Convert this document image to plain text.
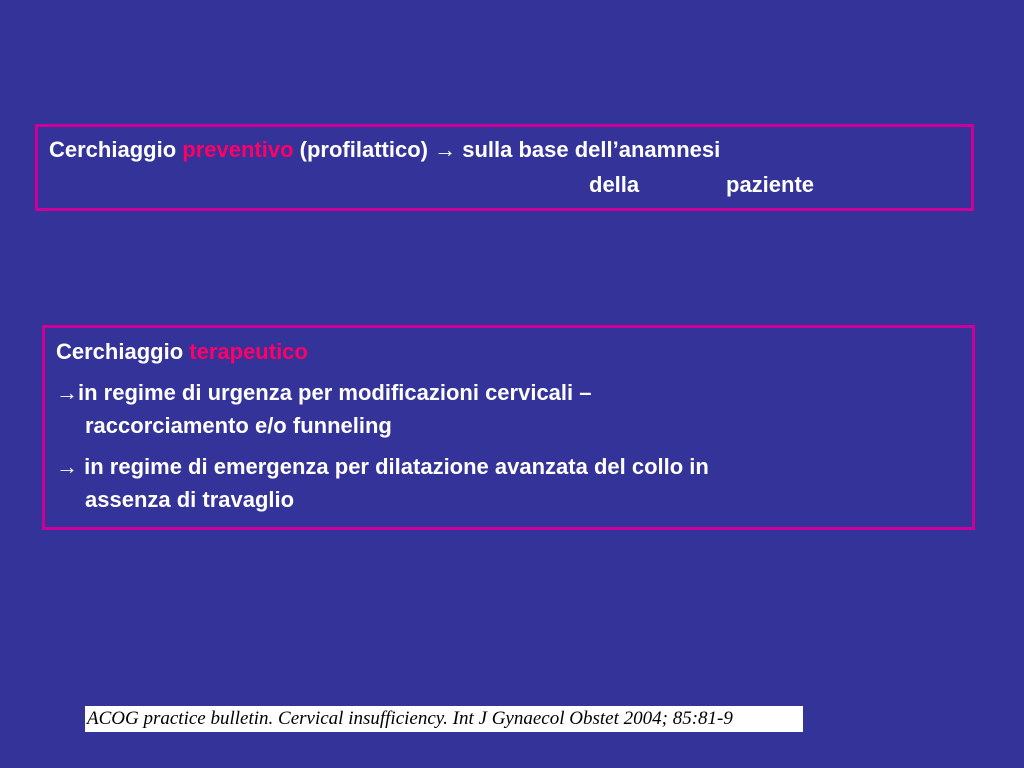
Cerchiaggio preventivo (profilattico) → sulla base dell’anamnesi
della	paziente
Cerchiaggio terapeutico
→in regime di urgenza per modificazioni cervicali –
raccorciamento e/o funneling
→ in regime di emergenza per dilatazione avanzata del collo in
assenza di travaglio
ACOG practice bulletin. Cervical insufficiency. Int J Gynaecol Obstet 2004; 85:81-9
